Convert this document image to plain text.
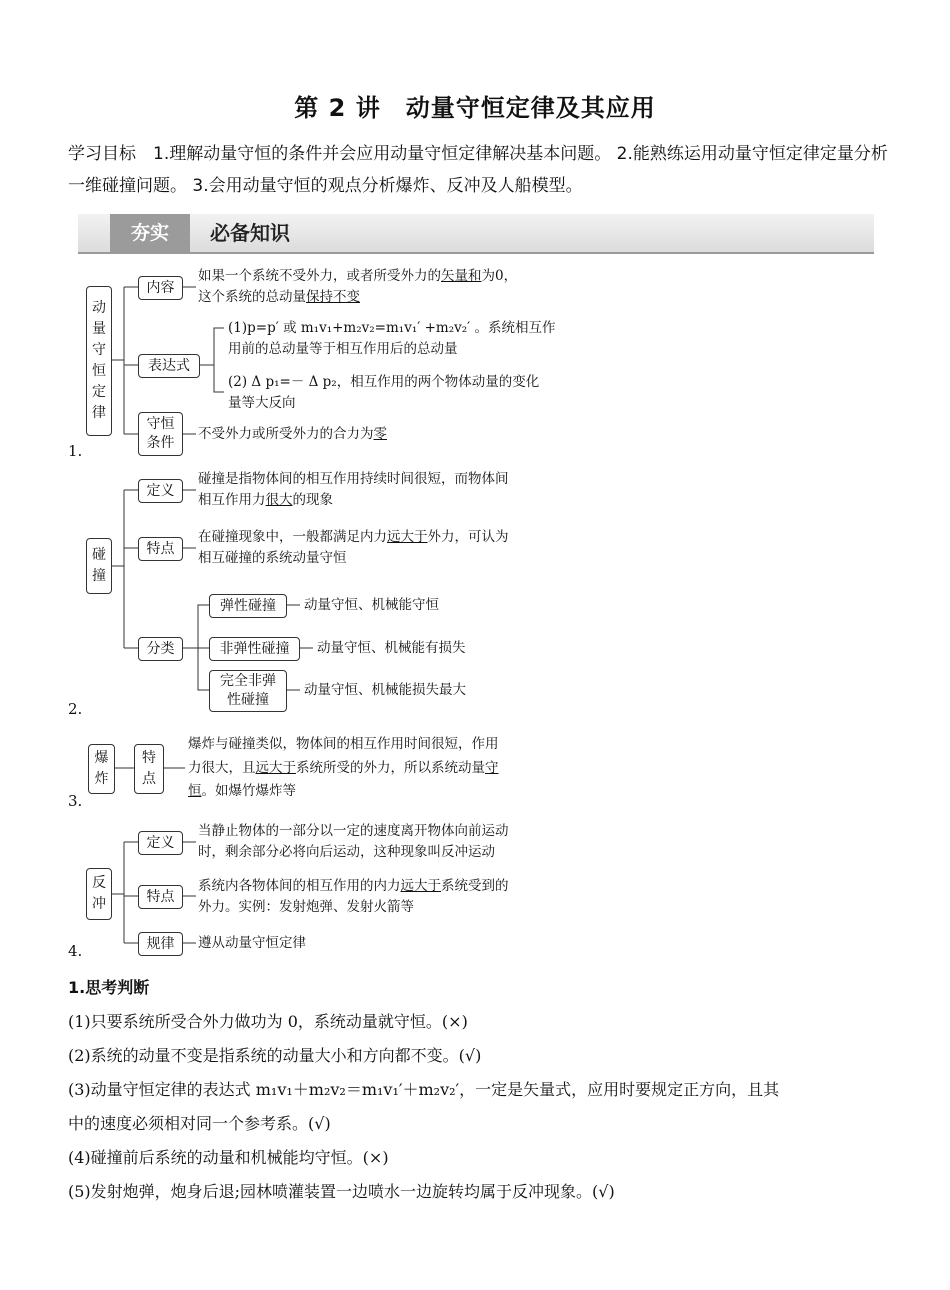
第 2 讲　动量守恒定律及其应用
学习目标　1.理解动量守恒的条件并会应用动量守恒定律解决基本问题。 2.能熟练运用动量守恒定律定量分析一维碰撞问题。 3.会用动量守恒的观点分析爆炸、反冲及人船模型。
夯实	必备知识
1.
动
量
守
恒
定
律
内容
如果一个系统不受外力，或者所受外力的矢量和为0，
这个系统的总动量保持不变
表达式
(1)p=p′ 或 m₁v₁+m₂v₂=m₁v₁′ +m₂v₂′ 。系统相互作
用前的总动量等于相互作用后的总动量
(2) Δ p₁=－ Δ p₂，相互作用的两个物体动量的变化
量等大反向
守恒
条件
不受外力或所受外力的合力为零
2.
碰
撞
定义
碰撞是指物体间的相互作用持续时间很短，而物体间
相互作用力很大的现象
特点
在碰撞现象中，一般都满足内力远大于外力，可认为
相互碰撞的系统动量守恒
分类
弹性碰撞	动量守恒、机械能守恒
非弹性碰撞	动量守恒、机械能有损失
完全非弹
性碰撞
动量守恒、机械能损失最大
3.
爆
炸
特
点
爆炸与碰撞类似，物体间的相互作用时间很短，作用
力很大，且远大于系统所受的外力，所以系统动量守
恒。如爆竹爆炸等
4.
反
冲
定义
当静止物体的一部分以一定的速度离开物体向前运动
时，剩余部分必将向后运动，这种现象叫反冲运动
特点
系统内各物体间的相互作用的内力远大于系统受到的
外力。实例：发射炮弹、发射火箭等
规律	遵从动量守恒定律
1.思考判断
(1)只要系统所受合外力做功为 0，系统动量就守恒。(×)
(2)系统的动量不变是指系统的动量大小和方向都不变。(√)
(3)动量守恒定律的表达式 m₁v₁＋m₂v₂＝m₁v₁′＋m₂v₂′，一定是矢量式，应用时要规定正方向，且其
中的速度必须相对同一个参考系。(√)
(4)碰撞前后系统的动量和机械能均守恒。(×)
(5)发射炮弹，炮身后退;园林喷灌装置一边喷水一边旋转均属于反冲现象。(√)
